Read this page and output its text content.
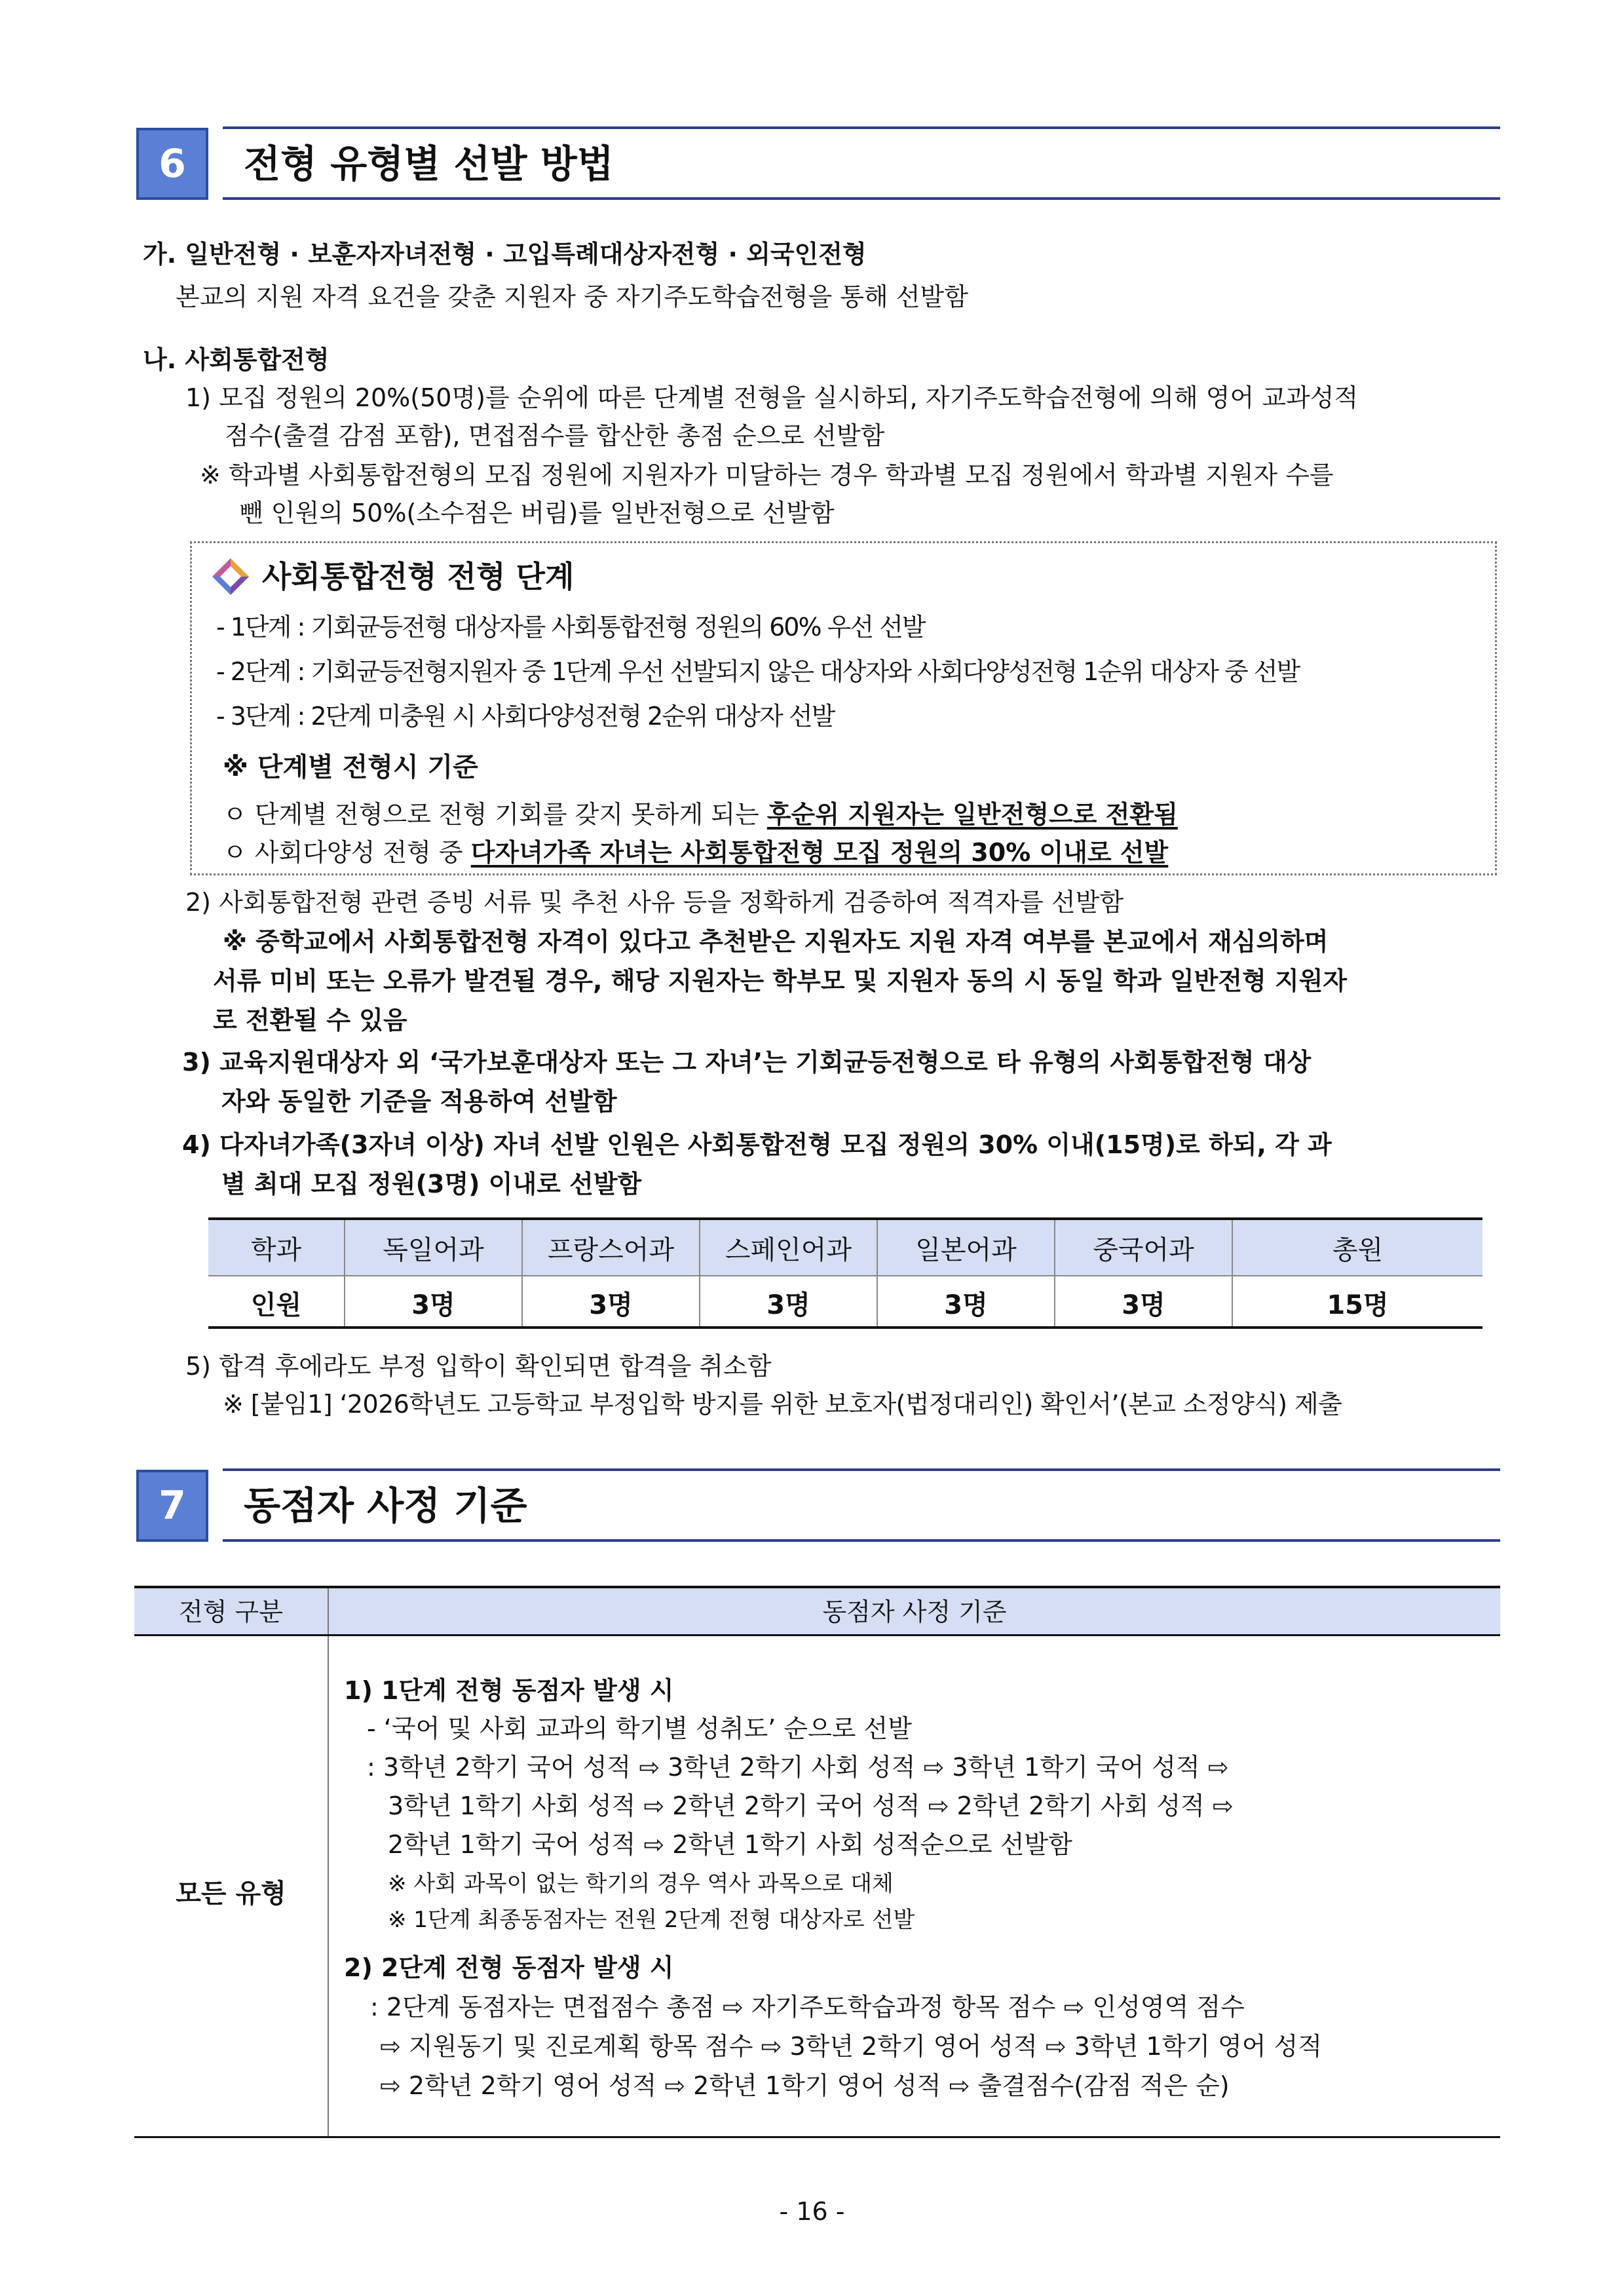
6	전형 유형별 선발 방법
가. 일반전형 · 보훈자자녀전형 · 고입특례대상자전형 · 외국인전형
본교의 지원 자격 요건을 갖춘 지원자 중 자기주도학습전형을 통해 선발함
나. 사회통합전형
1) 모집 정원의 20%(50명)를 순위에 따른 단계별 전형을 실시하되, 자기주도학습전형에 의해 영어 교과성적
점수(출결 감점 포함), 면접점수를 합산한 총점 순으로 선발함
※ 학과별 사회통합전형의 모집 정원에 지원자가 미달하는 경우 학과별 모집 정원에서 학과별 지원자 수를
뺀 인원의 50%(소수점은 버림)를 일반전형으로 선발함
사회통합전형 전형 단계
- 1단계 : 기회균등전형 대상자를 사회통합전형 정원의 60% 우선 선발
- 2단계 : 기회균등전형지원자 중 1단계 우선 선발되지 않은 대상자와 사회다양성전형 1순위 대상자 중 선발
- 3단계 : 2단계 미충원 시 사회다양성전형 2순위 대상자 선발
※ 단계별 전형시 기준
ㅇ 단계별 전형으로 전형 기회를 갖지 못하게 되는 후순위 지원자는 일반전형으로 전환됨
ㅇ 사회다양성 전형 중 다자녀가족 자녀는 사회통합전형 모집 정원의 30% 이내로 선발
2) 사회통합전형 관련 증빙 서류 및 추천 사유 등을 정확하게 검증하여 적격자를 선발함
※ 중학교에서 사회통합전형 자격이 있다고 추천받은 지원자도 지원 자격 여부를 본교에서 재심의하며
서류 미비 또는 오류가 발견될 경우, 해당 지원자는 학부모 및 지원자 동의 시 동일 학과 일반전형 지원자
로 전환될 수 있음
3) 교육지원대상자 외 ‘국가보훈대상자 또는 그 자녀’는 기회균등전형으로 타 유형의 사회통합전형 대상
자와 동일한 기준을 적용하여 선발함
4) 다자녀가족(3자녀 이상) 자녀 선발 인원은 사회통합전형 모집 정원의 30% 이내(15명)로 하되, 각 과
별 최대 모집 정원(3명) 이내로 선발함
학과	독일어과	프랑스어과	스페인어과	일본어과	중국어과	총원
인원	3명	3명	3명	3명	3명	15명
5) 합격 후에라도 부정 입학이 확인되면 합격을 취소함
※ [붙임1] ‘2026학년도 고등학교 부정입학 방지를 위한 보호자(법정대리인) 확인서’(본교 소정양식) 제출
7	동점자 사정 기준
전형 구분	동점자 사정 기준
모든 유형
1) 1단계 전형 동점자 발생 시
- ‘국어 및 사회 교과의 학기별 성취도’ 순으로 선발
: 3학년 2학기 국어 성적 ⇨ 3학년 2학기 사회 성적 ⇨ 3학년 1학기 국어 성적 ⇨
3학년 1학기 사회 성적 ⇨ 2학년 2학기 국어 성적 ⇨ 2학년 2학기 사회 성적 ⇨
2학년 1학기 국어 성적 ⇨ 2학년 1학기 사회 성적순으로 선발함
※ 사회 과목이 없는 학기의 경우 역사 과목으로 대체
※ 1단계 최종동점자는 전원 2단계 전형 대상자로 선발
2) 2단계 전형 동점자 발생 시
: 2단계 동점자는 면접점수 총점 ⇨ 자기주도학습과정 항목 점수 ⇨ 인성영역 점수
⇨ 지원동기 및 진로계획 항목 점수 ⇨ 3학년 2학기 영어 성적 ⇨ 3학년 1학기 영어 성적
⇨ 2학년 2학기 영어 성적 ⇨ 2학년 1학기 영어 성적 ⇨ 출결점수(감점 적은 순)
- 16 -
